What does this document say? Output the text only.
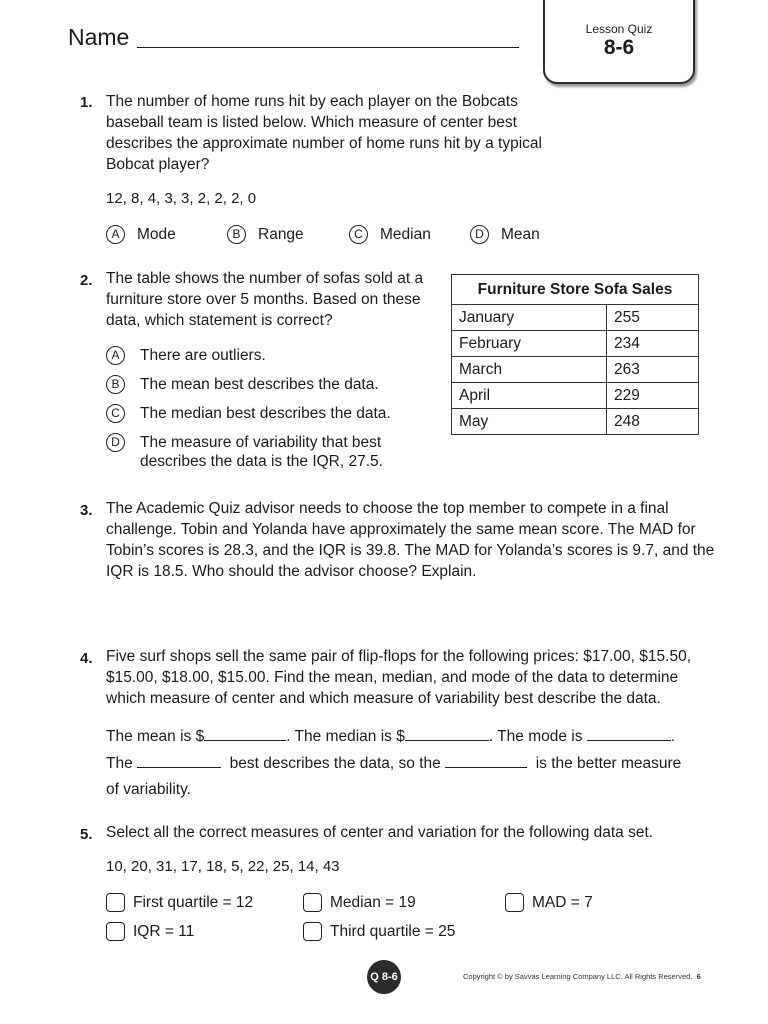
Name	Lesson Quiz
8-6
1. The number of home runs hit by each player on the Bobcats
baseball team is listed below. Which measure of center best
describes the approximate number of home runs hit by a typical
Bobcat player?
12, 8, 4, 3, 3, 2, 2, 2, 0
A	Mode	B	Range	C	Median	D	Mean
2. The table shows the number of sofas sold at a
furniture store over 5 months. Based on these
data, which statement is correct?
A	There are outliers.
B	The mean best describes the data.
C	The median best describes the data.
D	The measure of variability that best
describes the data is the IQR, 27.5.
Furniture Store Sofa Sales	
January	255
February	234
March	263
April	229
May	248
3. The Academic Quiz advisor needs to choose the top member to compete in a final
challenge. Tobin and Yolanda have approximately the same mean score. The MAD for
Tobin’s scores is 28.3, and the IQR is 39.8. The MAD for Yolanda’s scores is 9.7, and the
IQR is 18.5. Who should the advisor choose? Explain.
4. Five surf shops sell the same pair of flip-flops for the following prices: $17.00, $15.50,
$15.00, $18.00, $15.00. Find the mean, median, and mode of the data to determine
which measure of center and which measure of variability best describe the data.
The mean is $	. The median is $	. The mode is	.
The	best describes the data, so the	is the better measure
of variability.
5. Select all the correct measures of center and variation for the following data set.
10, 20, 31, 17, 18, 5, 22, 25, 14, 43
First quartile = 12	Median = 19	MAD = 7
IQR = 11	Third quartile = 25
Q 8-6	Copyright © by Savvas Learning Company LLC. All Rights Reserved. 6
